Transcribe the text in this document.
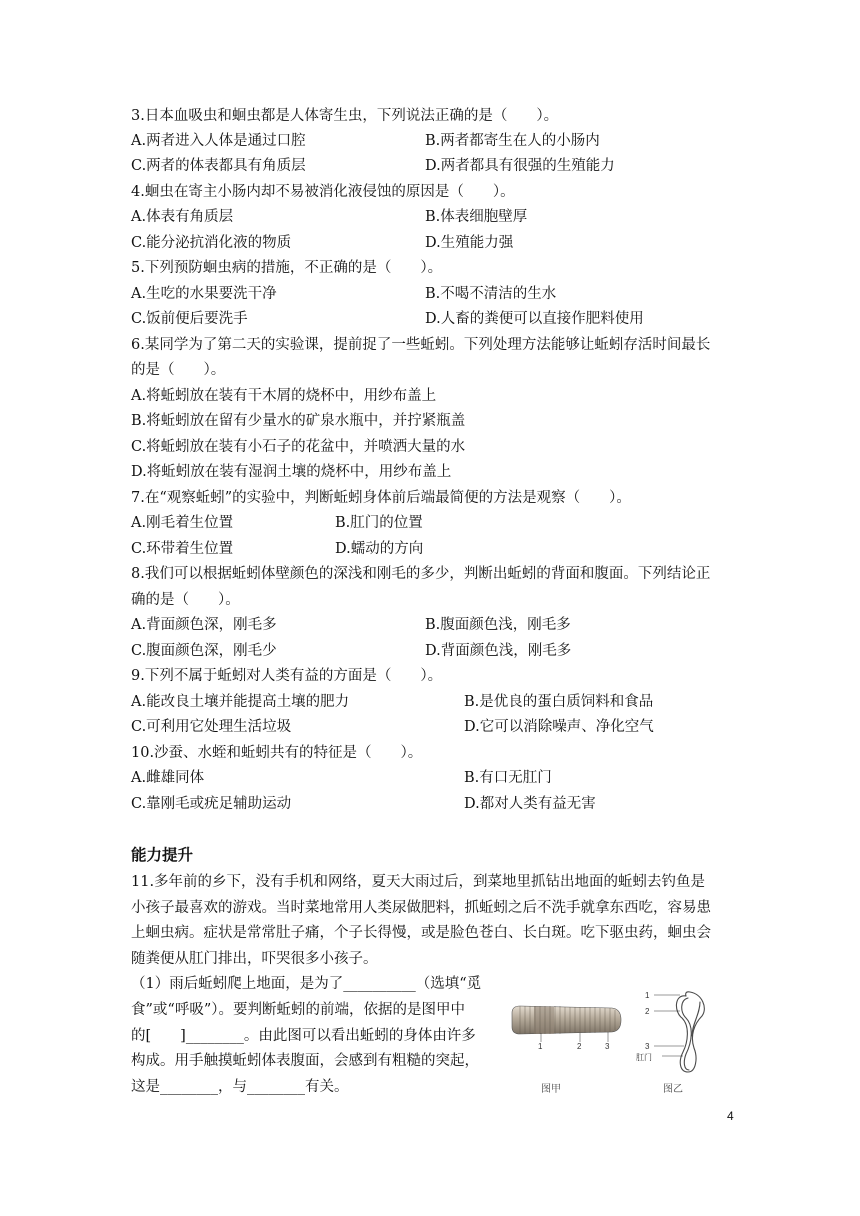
3.日本血吸虫和蛔虫都是人体寄生虫，下列说法正确的是（　　）。
A.两者进入人体是通过口腔	B.两者都寄生在人的小肠内
C.两者的体表都具有角质层	D.两者都具有很强的生殖能力
4.蛔虫在寄主小肠内却不易被消化液侵蚀的原因是（　　）。
A.体表有角质层	B.体表细胞壁厚
C.能分泌抗消化液的物质	D.生殖能力强
5.下列预防蛔虫病的措施，不正确的是（　　）。
A.生吃的水果要洗干净	B.不喝不清洁的生水
C.饭前便后要洗手	D.人畜的粪便可以直接作肥料使用
6.某同学为了第二天的实验课，提前捉了一些蚯蚓。下列处理方法能够让蚯蚓存活时间最长
的是（　　）。
A.将蚯蚓放在装有干木屑的烧杯中，用纱布盖上
B.将蚯蚓放在留有少量水的矿泉水瓶中，并拧紧瓶盖
C.将蚯蚓放在装有小石子的花盆中，并喷洒大量的水
D.将蚯蚓放在装有湿润土壤的烧杯中，用纱布盖上
7.在“观察蚯蚓”的实验中，判断蚯蚓身体前后端最简便的方法是观察（　　）。
A.刚毛着生位置	B.肛门的位置
C.环带着生位置	D.蠕动的方向
8.我们可以根据蚯蚓体壁颜色的深浅和刚毛的多少，判断出蚯蚓的背面和腹面。下列结论正
确的是（　　）。
A.背面颜色深，刚毛多	B.腹面颜色浅，刚毛多
C.腹面颜色深，刚毛少	D.背面颜色浅，刚毛多
9.下列不属于蚯蚓对人类有益的方面是（　　）。
A.能改良土壤并能提高土壤的肥力	B.是优良的蛋白质饲料和食品
C.可利用它处理生活垃圾	D.它可以消除噪声、净化空气
10.沙蚕、水蛭和蚯蚓共有的特征是（　　）。
A.雌雄同体	B.有口无肛门
C.靠刚毛或疣足辅助运动	D.都对人类有益无害
能力提升
11.多年前的乡下，没有手机和网络，夏天大雨过后，到菜地里抓钻出地面的蚯蚓去钓鱼是
小孩子最喜欢的游戏。当时菜地常用人类尿做肥料，抓蚯蚓之后不洗手就拿东西吃，容易患
上蛔虫病。症状是常常肚子痛，个子长得慢，或是脸色苍白、长白斑。吃下驱虫药，蛔虫会
随粪便从肛门排出，吓哭很多小孩子。
（1）雨后蚯蚓爬上地面，是为了__________（选填“觅
食”或“呼吸”）。要判断蚯蚓的前端，依据的是图甲中
的[　　]________。由此图可以看出蚯蚓的身体由许多
构成。用手触摸蚯蚓体表腹面，会感到有粗糙的突起，
这是________，与________有关。
1	2	3
图甲
1
2
3
肛门
图乙
4
